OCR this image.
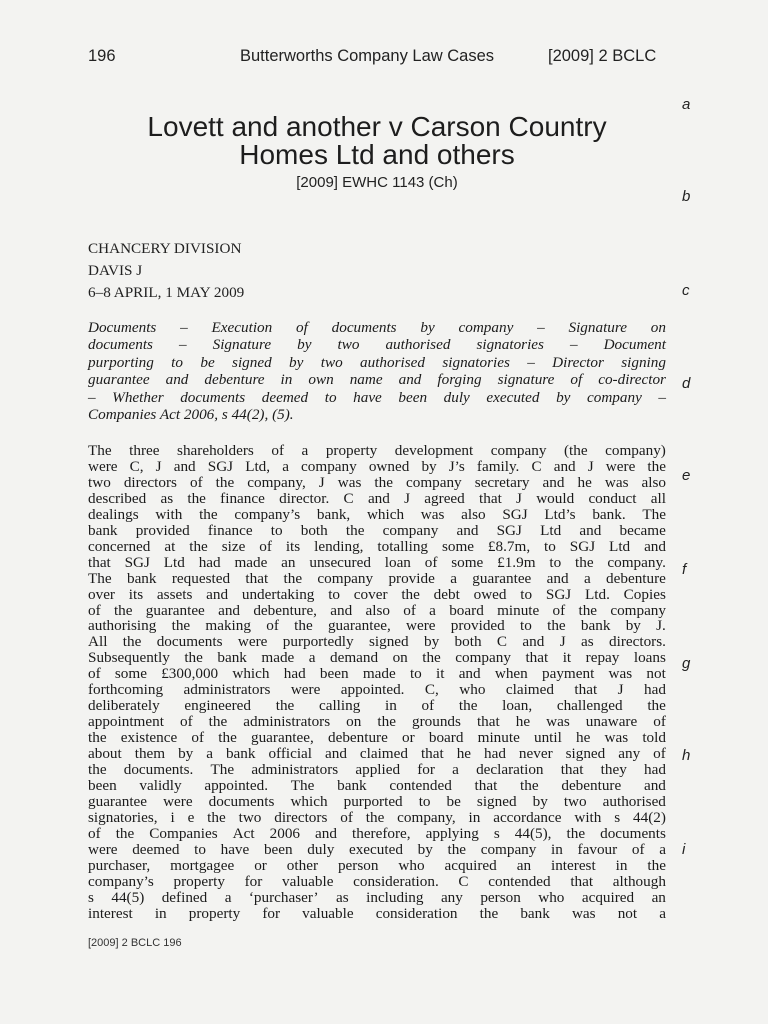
196	Butterworths Company Law Cases	[2009] 2 BCLC
a
b
c
d
e
f
g
h
i
Lovett and another v Carson Country
Homes Ltd and others
[2009] EWHC 1143 (Ch)
CHANCERY DIVISION
DAVIS J
6–8 APRIL, 1 MAY 2009
Documents – Execution of documents by company – Signature on
documents – Signature by two authorised signatories – Document
purporting to be signed by two authorised signatories – Director signing
guarantee and debenture in own name and forging signature of co-director
– Whether documents deemed to have been duly executed by company –
Companies Act 2006, s 44(2), (5).
The three shareholders of a property development company (the company)
were C, J and SGJ Ltd, a company owned by J’s family. C and J were the
two directors of the company, J was the company secretary and he was also
described as the finance director. C and J agreed that J would conduct all
dealings with the company’s bank, which was also SGJ Ltd’s bank. The
bank provided finance to both the company and SGJ Ltd and became
concerned at the size of its lending, totalling some £8.7m, to SGJ Ltd and
that SGJ Ltd had made an unsecured loan of some £1.9m to the company.
The bank requested that the company provide a guarantee and a debenture
over its assets and undertaking to cover the debt owed to SGJ Ltd. Copies
of the guarantee and debenture, and also of a board minute of the company
authorising the making of the guarantee, were provided to the bank by J.
All the documents were purportedly signed by both C and J as directors.
Subsequently the bank made a demand on the company that it repay loans
of some £300,000 which had been made to it and when payment was not
forthcoming administrators were appointed. C, who claimed that J had
deliberately engineered the calling in of the loan, challenged the
appointment of the administrators on the grounds that he was unaware of
the existence of the guarantee, debenture or board minute until he was told
about them by a bank official and claimed that he had never signed any of
the documents. The administrators applied for a declaration that they had
been validly appointed. The bank contended that the debenture and
guarantee were documents which purported to be signed by two authorised
signatories, i e the two directors of the company, in accordance with s 44(2)
of the Companies Act 2006 and therefore, applying s 44(5), the documents
were deemed to have been duly executed by the company in favour of a
purchaser, mortgagee or other person who acquired an interest in the
company’s property for valuable consideration. C contended that although
s 44(5) defined a ‘purchaser’ as including any person who acquired an
interest in property for valuable consideration the bank was not a
[2009] 2 BCLC 196
